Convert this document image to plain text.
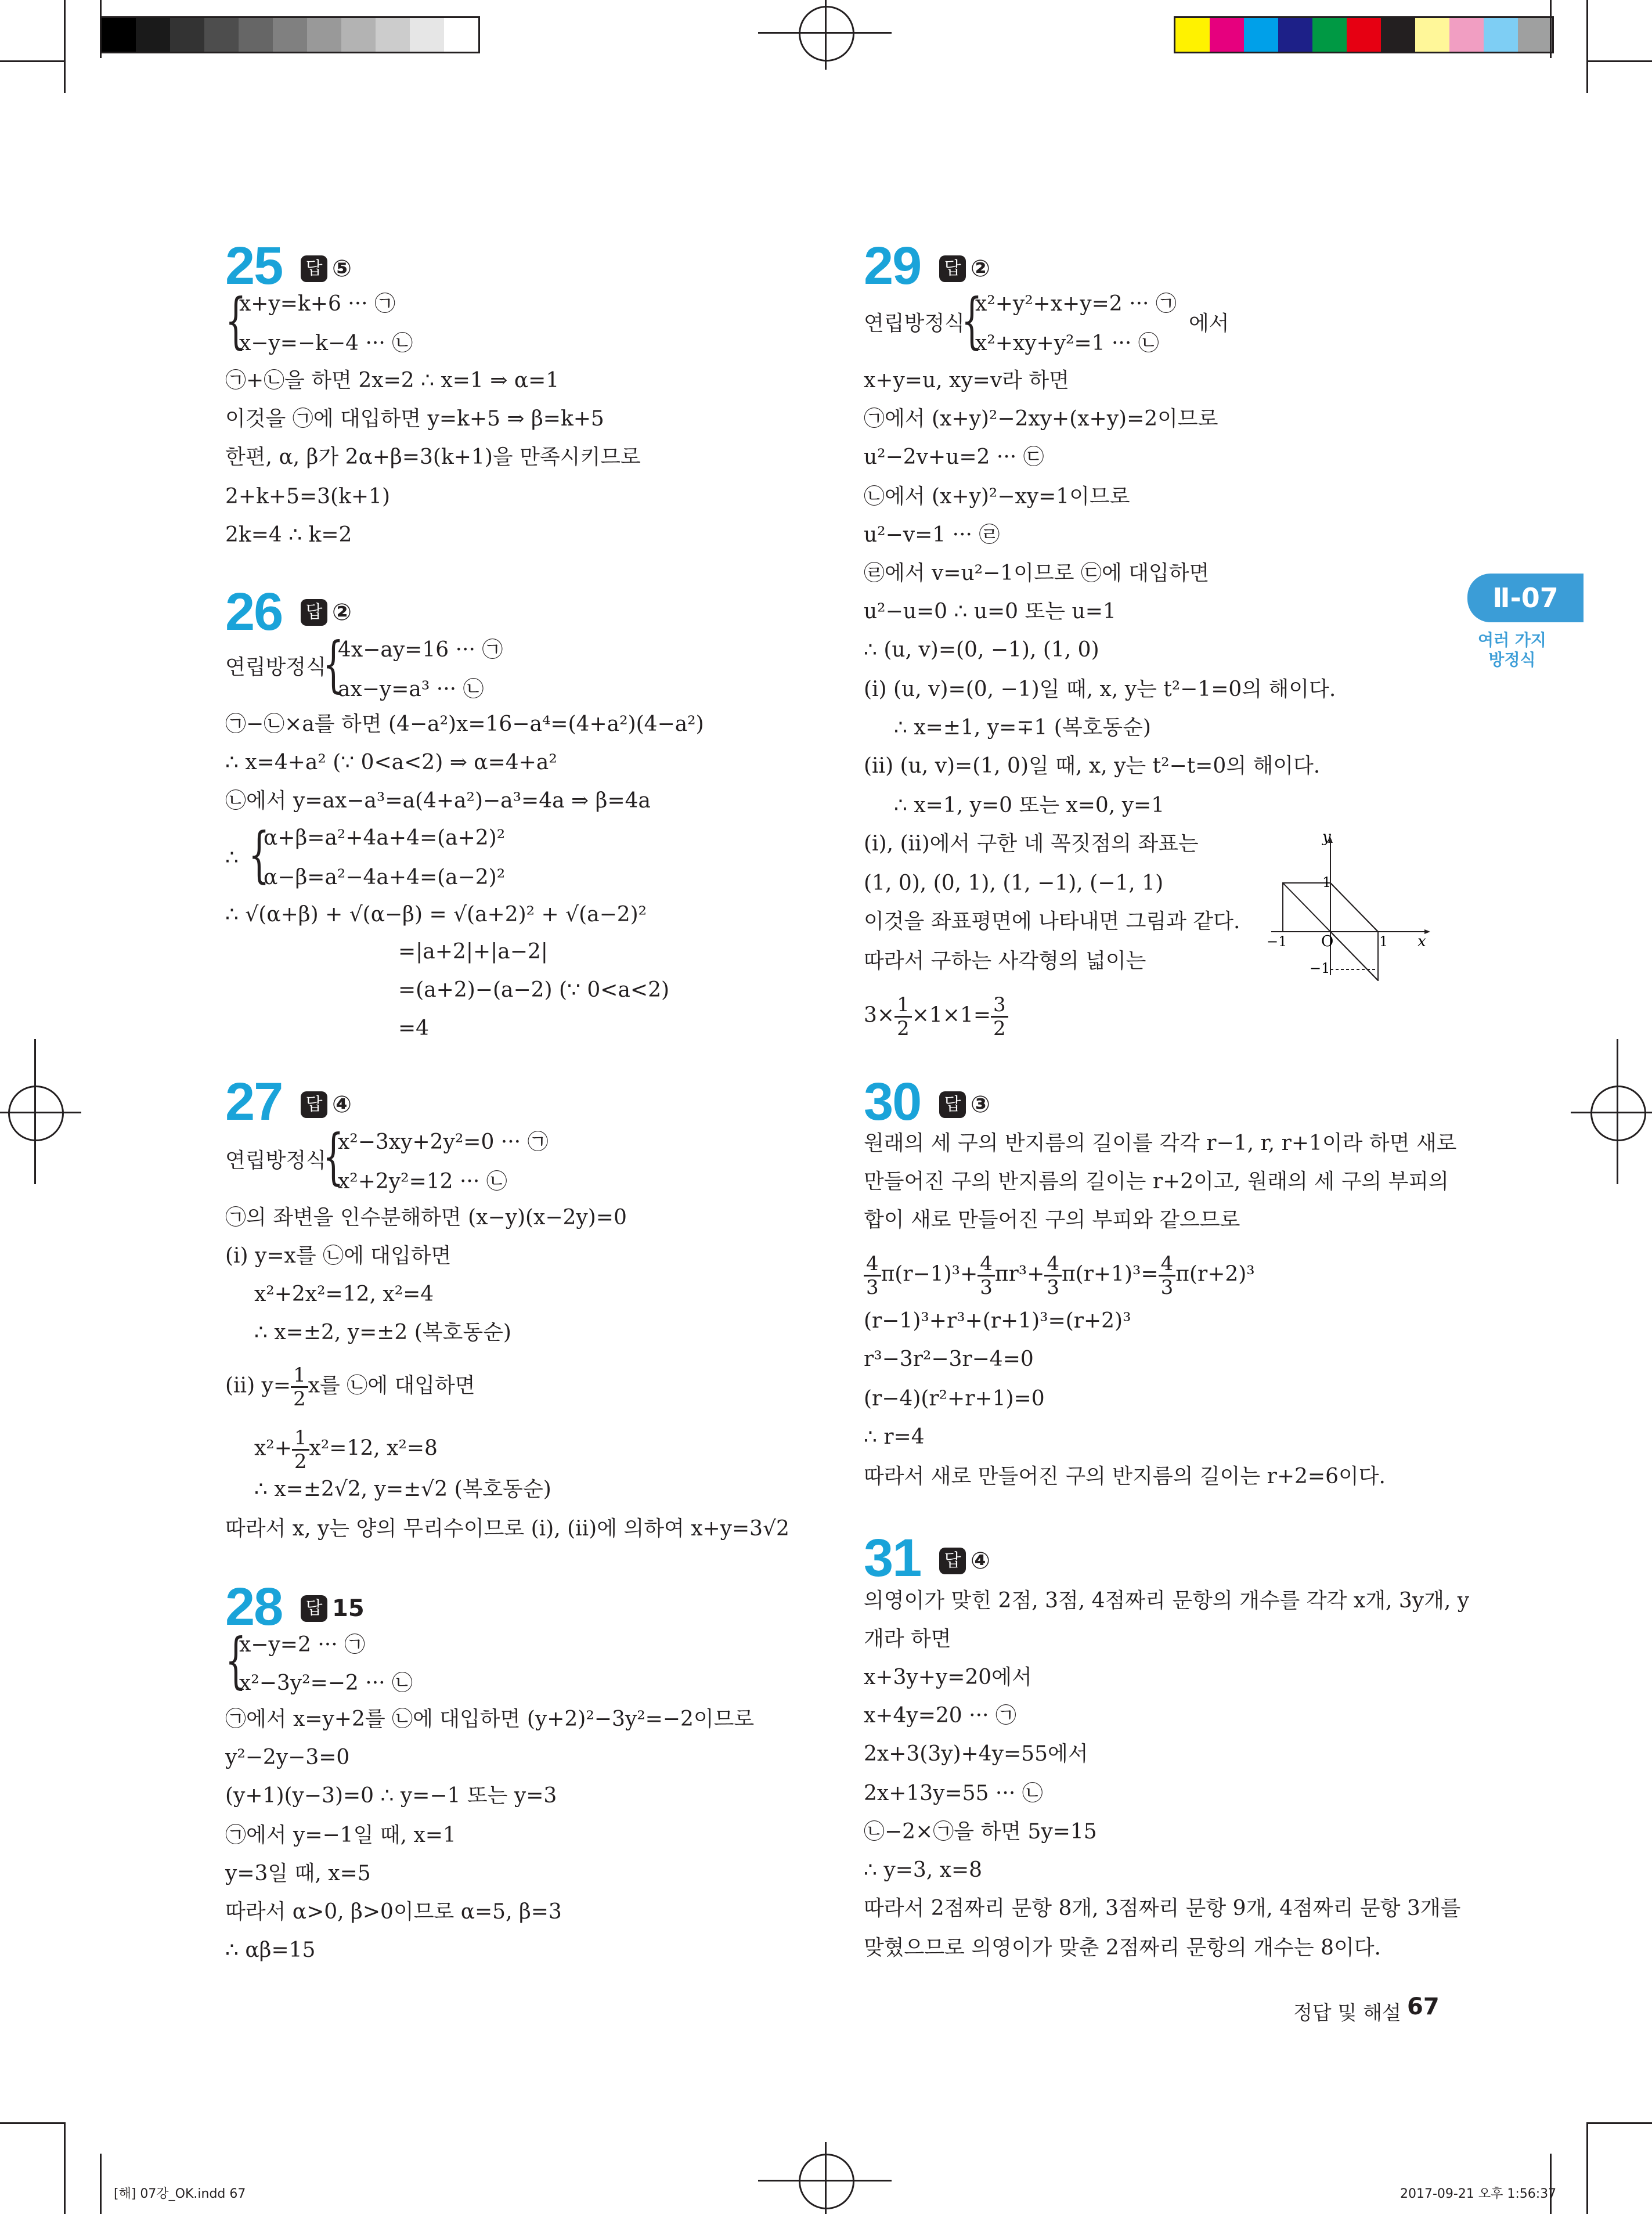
Ⅱ-07
여러 가지
방정식
25 답 ⑤
{
x+y=k+6 ··· ㉠
x−y=−k−4 ··· ㉡
㉠+㉡을 하면 2x=2 ∴ x=1 ⇒ α=1
이것을 ㉠에 대입하면 y=k+5 ⇒ β=k+5
한편, α, β가 2α+β=3(k+1)을 만족시키므로
2+k+5=3(k+1)
2k=4 ∴ k=2
26 답 ②
연립방정식
{
4x−ay=16 ··· ㉠
ax−y=a³ ··· ㉡
㉠−㉡×a를 하면 (4−a²)x=16−a⁴=(4+a²)(4−a²)
∴ x=4+a² (∵ 0<a<2) ⇒ α=4+a²
㉡에서 y=ax−a³=a(4+a²)−a³=4a ⇒ β=4a
∴ {
α+β=a²+4a+4=(a+2)²
α−β=a²−4a+4=(a−2)²
∴ √(α+β) + √(α−β) = √(a+2)² + √(a−2)²
=|a+2|+|a−2|
=(a+2)−(a−2) (∵ 0<a<2)
=4
27 답 ④
연립방정식
{
x²−3xy+2y²=0 ··· ㉠
x²+2y²=12 ··· ㉡
㉠의 좌변을 인수분해하면 (x−y)(x−2y)=0
(ⅰ) y=x를 ㉡에 대입하면
x²+2x²=12, x²=4
∴ x=±2, y=±2 (복호동순)
(ⅱ) $y= \frac{1}{2}$ x를 ㉡에 대입하면
$x^2+ \frac{1}{2} x^2=12$, x²=8
∴ x=±2√2, y=±√2 (복호동순)
따라서 x, y는 양의 무리수이므로 (ⅰ), (ⅱ)에 의하여 x+y=3√2
28 답 15
{
x−y=2 ··· ㉠
x²−3y²=−2 ··· ㉡
㉠에서 x=y+2를 ㉡에 대입하면 (y+2)²−3y²=−2이므로
y²−2y−3=0
(y+1)(y−3)=0 ∴ y=−1 또는 y=3
㉠에서 y=−1일 때, x=1
y=3일 때, x=5
따라서 α>0, β>0이므로 α=5, β=3
∴ αβ=15
29 답 ②
연립방정식
{
x²+y²+x+y=2 ··· ㉠
x²+xy+y²=1 ··· ㉡
에서
x+y=u, xy=v라 하면
㉠에서 (x+y)²−2xy+(x+y)=2이므로
u²−2v+u=2 ··· ㉢
㉡에서 (x+y)²−xy=1이므로
u²−v=1 ··· ㉣
㉣에서 v=u²−1이므로 ㉢에 대입하면
u²−u=0 ∴ u=0 또는 u=1
∴ (u, v)=(0, −1), (1, 0)
(ⅰ) (u, v)=(0, −1)일 때, x, y는 t²−1=0의 해이다.
∴ x=±1, y=∓1 (복호동순)
(ⅱ) (u, v)=(1, 0)일 때, x, y는 t²−t=0의 해이다.
∴ x=1, y=0 또는 x=0, y=1
(ⅰ), (ⅱ)에서 구한 네 꼭짓점의 좌표는
(1, 0), (0, 1), (1, −1), (−1, 1)
이것을 좌표평면에 나타내면 그림과 같다.
따라서 구하는 사각형의 넓이는
$3\times \frac{1}{2} \times 1\times 1= \frac{3}{2}$
x
y
O	1
−1
1
−1
30 답 ③
원래의 세 구의 반지름의 길이를 각각 r−1, r, r+1이라 하면 새로
만들어진 구의 반지름의 길이는 r+2이고, 원래의 세 구의 부피의
합이 새로 만들어진 구의 부피와 같으므로
$\frac{4}{3} \pi(r-1)^3+ \frac{4}{3} \pi r^3+ \frac{4}{3} \pi(r+1)^3= \frac{4}{3} \pi(r+2)^3$
(r−1)³+r³+(r+1)³=(r+2)³
r³−3r²−3r−4=0
(r−4)(r²+r+1)=0
∴ r=4
따라서 새로 만들어진 구의 반지름의 길이는 r+2=6이다.
31 답 ④
의영이가 맞힌 2점, 3점, 4점짜리 문항의 개수를 각각 x개, 3y개, y
개라 하면
x+3y+y=20에서
x+4y=20 ··· ㉠
2x+3(3y)+4y=55에서
2x+13y=55 ··· ㉡
㉡−2×㉠을 하면 5y=15
∴ y=3, x=8
따라서 2점짜리 문항 8개, 3점짜리 문항 9개, 4점짜리 문항 3개를
맞혔으므로 의영이가 맞춘 2점짜리 문항의 개수는 8이다.
정답 및 해설 67
[해] 07강_OK.indd 67	2017-09-21 오후 1:56:37
